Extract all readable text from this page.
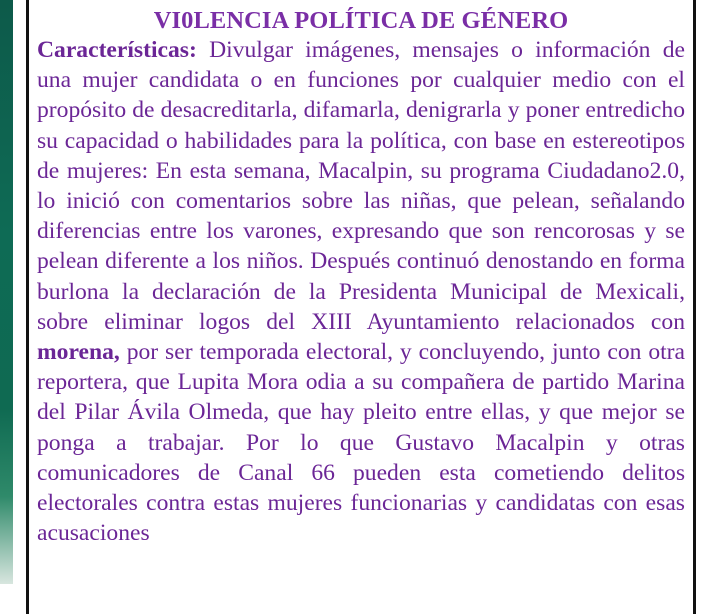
VI0LENCIA POLÍTICA DE GÉNERO

Características: Divulgar imágenes, mensajes o información de una mujer candidata o en funciones por cualquier medio con el propósito de desacreditarla, difamarla, denigrarla y poner entredicho su capacidad o habilidades para la política, con base en estereotipos de mujeres: En esta semana, Macalpin, su programa Ciudadano2.0, lo inició con comentarios sobre las niñas, que pelean, señalando diferencias entre los varones, expresando que son rencorosas y se pelean diferente a los niños. Después continuó denostando en forma burlona la declaración de la Presidenta Municipal de Mexicali, sobre eliminar logos del XIII Ayuntamiento relacionados con morena, por ser temporada electoral, y concluyendo, junto con otra reportera, que Lupita Mora odia a su compañera de partido Marina del Pilar Ávila Olmeda, que hay pleito entre ellas, y que mejor se ponga a trabajar. Por lo que Gustavo Macalpin y otras comunicadores de Canal 66 pueden esta cometiendo delitos electorales contra estas mujeres funcionarias y candidatas con esas acusaciones
